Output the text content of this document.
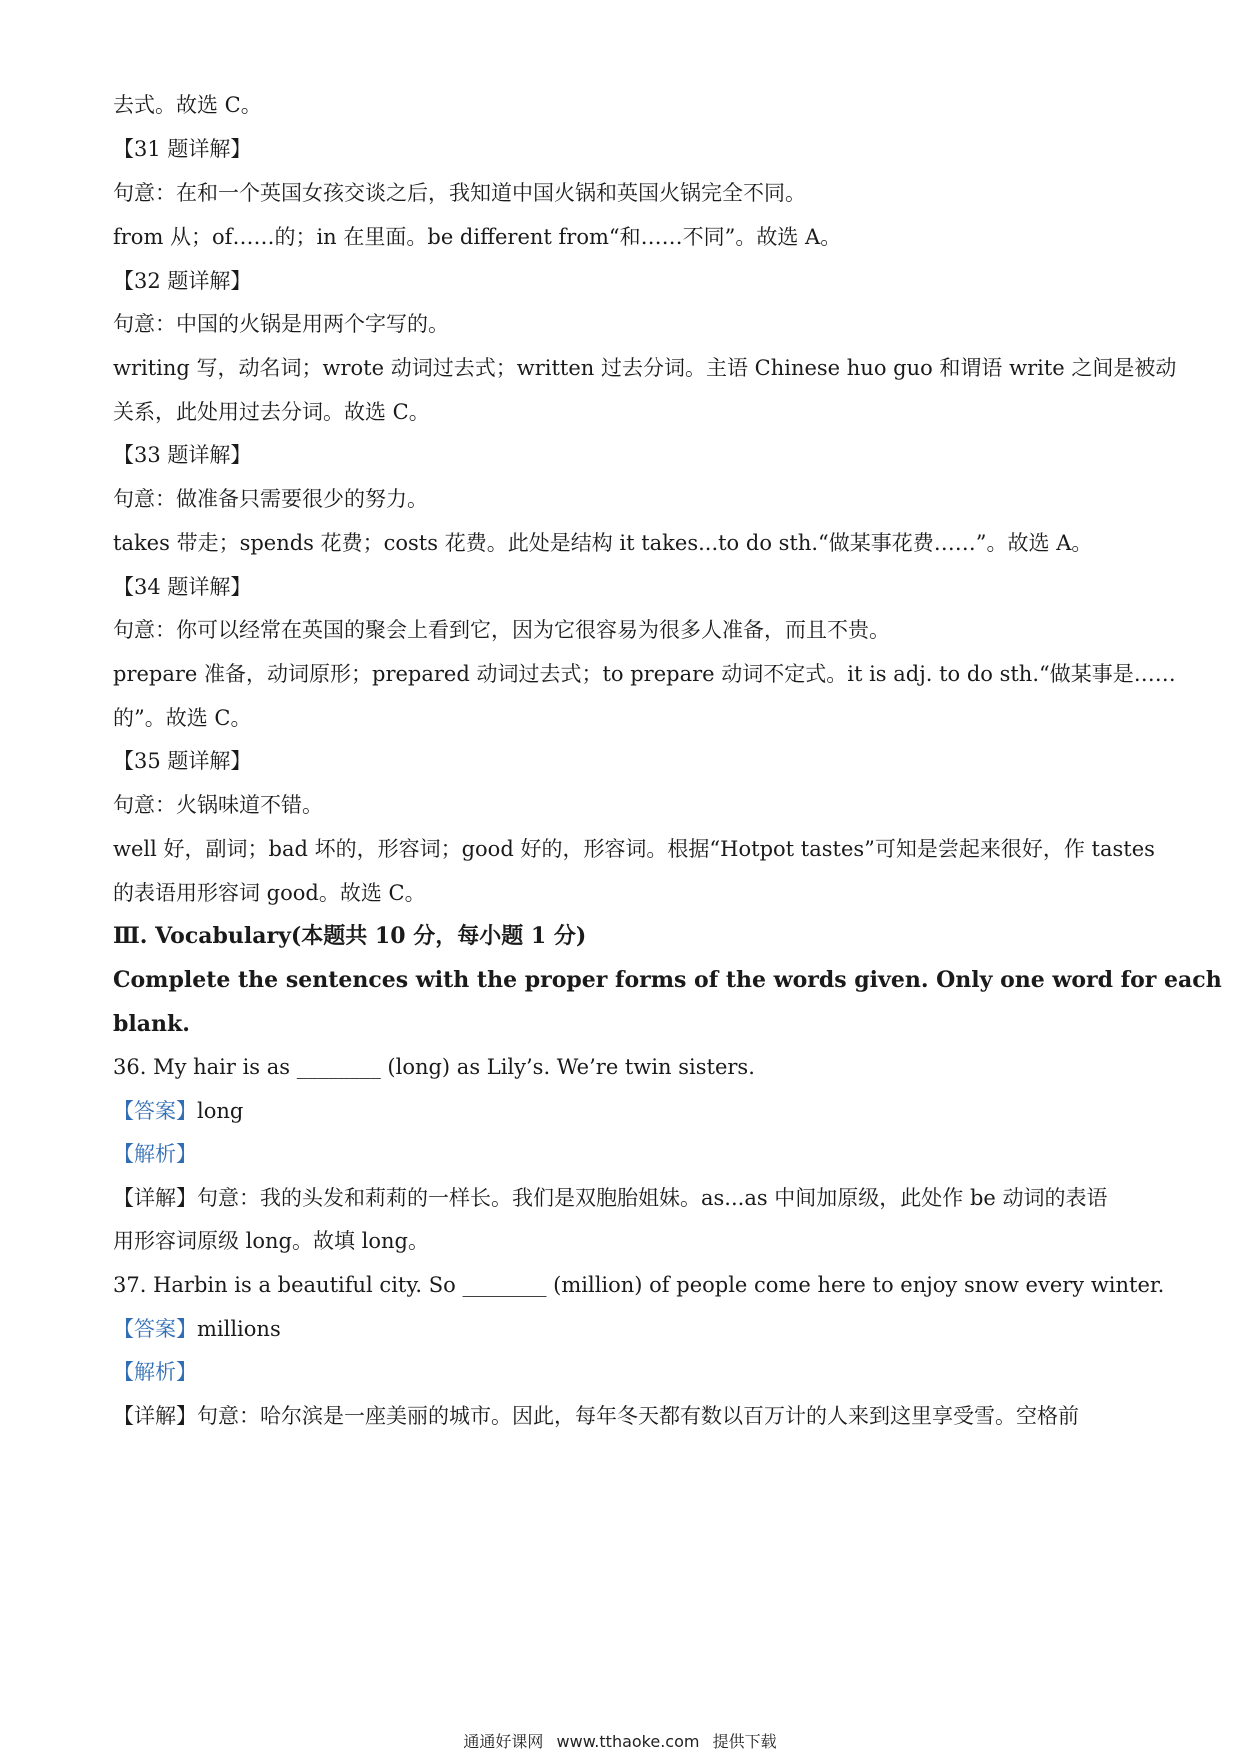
去式。故选 C。
【31 题详解】
句意：在和一个英国女孩交谈之后，我知道中国火锅和英国火锅完全不同。
from 从；of……的；in 在里面。be different from“和……不同”。故选 A。
【32 题详解】
句意：中国的火锅是用两个字写的。
writing 写，动名词；wrote 动词过去式；written 过去分词。主语 Chinese huo guo 和谓语 write 之间是被动
关系，此处用过去分词。故选 C。
【33 题详解】
句意：做准备只需要很少的努力。
takes 带走；spends 花费；costs 花费。此处是结构 it takes...to do sth.“做某事花费……”。故选 A。
【34 题详解】
句意：你可以经常在英国的聚会上看到它，因为它很容易为很多人准备，而且不贵。
prepare 准备，动词原形；prepared 动词过去式；to prepare 动词不定式。it is adj. to do sth.“做某事是……
的”。故选 C。
【35 题详解】
句意：火锅味道不错。
well 好，副词；bad 坏的，形容词；good 好的，形容词。根据“Hotpot tastes”可知是尝起来很好，作 tastes
的表语用形容词 good。故选 C。
Ⅲ. Vocabulary(本题共 10 分，每小题 1 分)
Complete the sentences with the proper forms of the words given. Only one word for each
blank.
36. My hair is as ________ (long) as Lily’s. We’re twin sisters.
【答案】long
【解析】
【详解】句意：我的头发和莉莉的一样长。我们是双胞胎姐妹。as...as 中间加原级，此处作 be 动词的表语
用形容词原级 long。故填 long。
37. Harbin is a beautiful city. So ________ (million) of people come here to enjoy snow every winter.
【答案】millions
【解析】
【详解】句意：哈尔滨是一座美丽的城市。因此，每年冬天都有数以百万计的人来到这里享受雪。空格前
通通好课网 www.tthaoke.com 提供下载
